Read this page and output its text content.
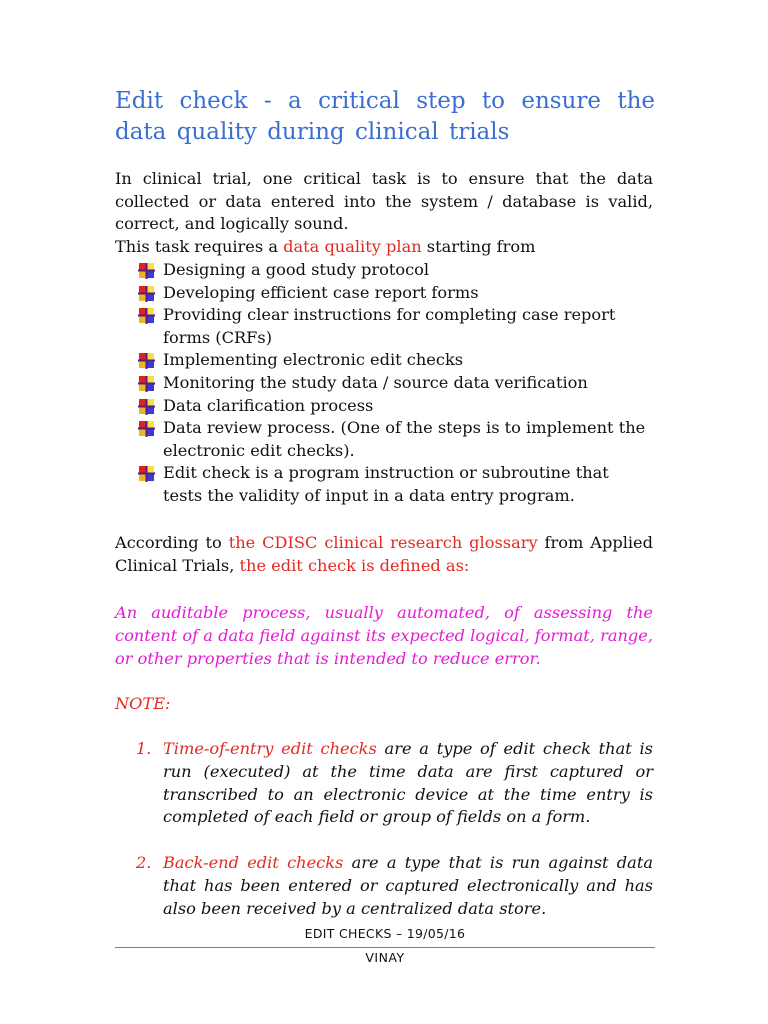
Edit check - a critical step to ensure the data quality during clinical trials
In clinical trial, one critical task is to ensure that the data collected or data entered into the system / database is valid, correct, and logically sound.
This task requires a data quality plan starting from
Designing a good study protocol
Developing efficient case report forms
Providing clear instructions for completing case report forms (CRFs)
Implementing electronic edit checks
Monitoring the study data / source data verification
Data clarification process
Data review process. (One of the steps is to implement the electronic edit checks).
Edit check is a program instruction or subroutine that tests the validity of input in a data entry program.
According to the CDISC clinical research glossary from Applied Clinical Trials, the edit check is defined as:
An auditable process, usually automated, of assessing the content of a data field against its expected logical, format, range, or other properties that is intended to reduce error.
NOTE:
1. Time-of-entry edit checks are a type of edit check that is run (executed) at the time data are first captured or transcribed to an electronic device at the time entry is completed of each field or group of fields on a form.
2. Back-end edit checks are a type that is run against data that has been entered or captured electronically and has also been received by a centralized data store.
EDIT CHECKS – 19/05/16
VINAY
